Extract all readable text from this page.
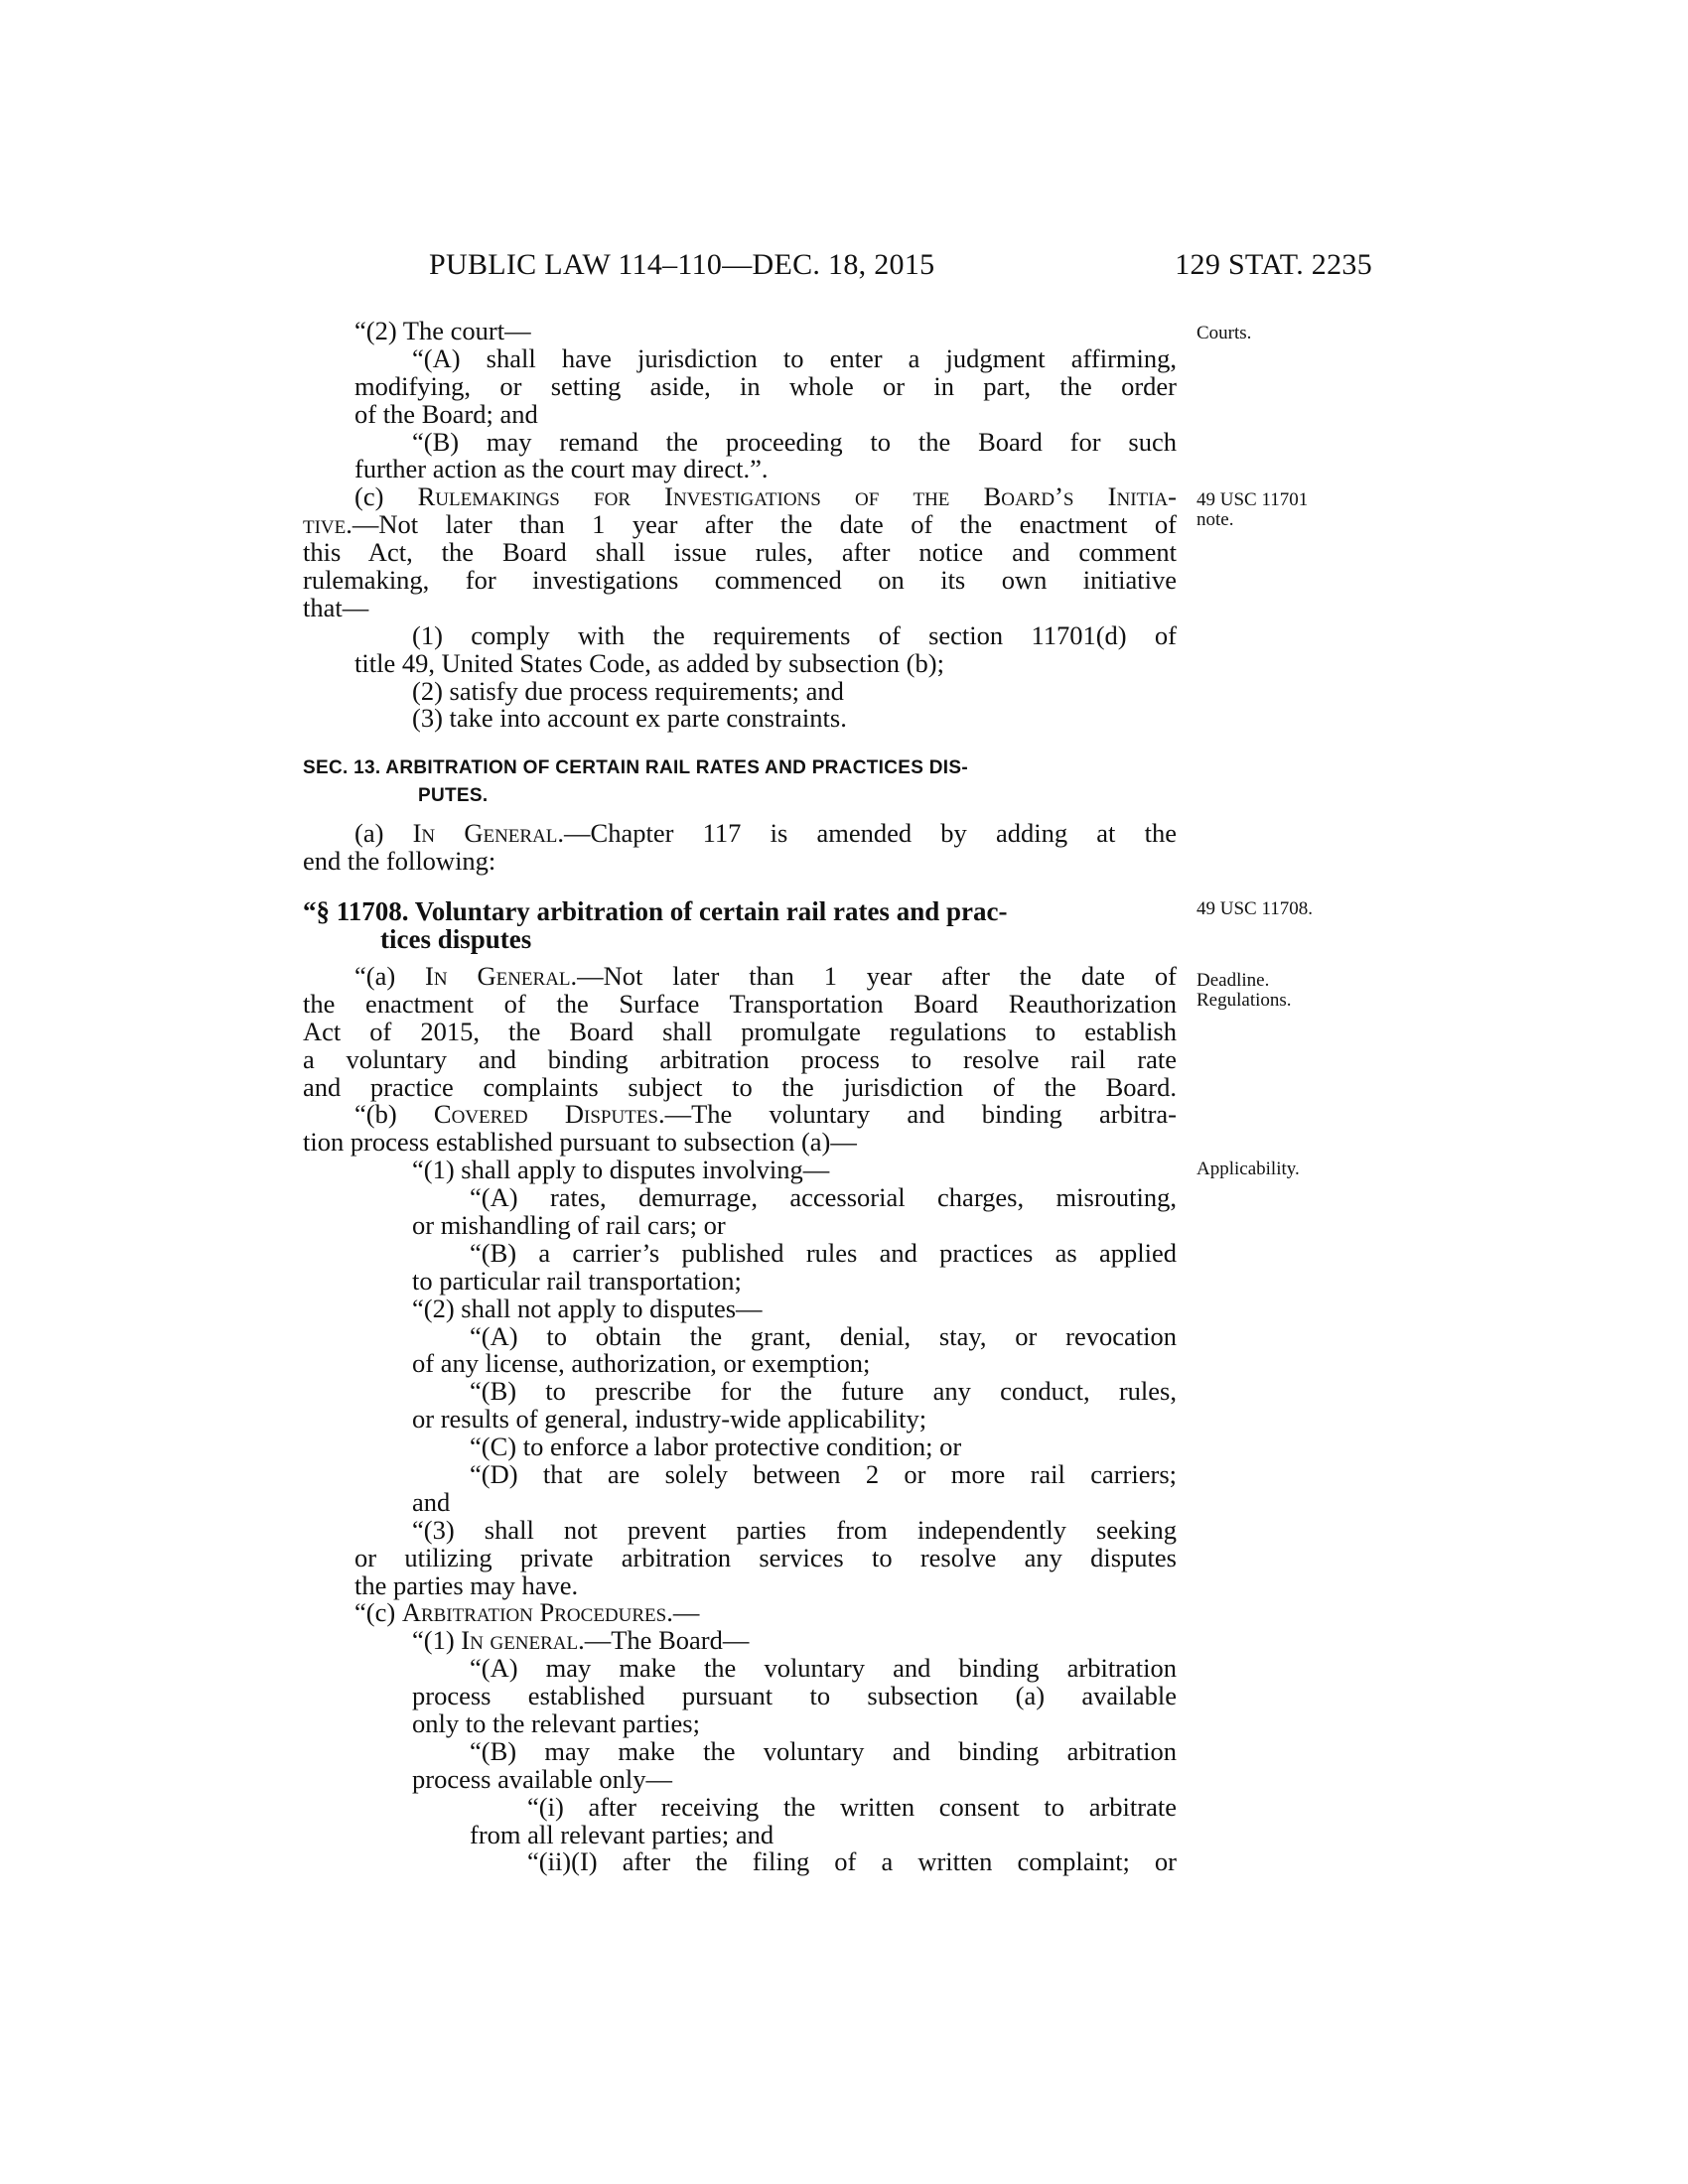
PUBLIC LAW 114–110—DEC. 18, 2015	129 STAT. 2235
“(2) The court—
“(A) shall have jurisdiction to enter a judgment affirming,
modifying, or setting aside, in whole or in part, the order
of the Board; and
“(B) may remand the proceeding to the Board for such
further action as the court may direct.”.
(c) Rulemakings for Investigations of the Board’s Initia-
tive.—Not later than 1 year after the date of the enactment of
this Act, the Board shall issue rules, after notice and comment
rulemaking, for investigations commenced on its own initiative
that—
(1) comply with the requirements of section 11701(d) of
title 49, United States Code, as added by subsection (b);
(2) satisfy due process requirements; and
(3) take into account ex parte constraints.
SEC. 13. ARBITRATION OF CERTAIN RAIL RATES AND PRACTICES DIS-
PUTES.
(a) In General.—Chapter 117 is amended by adding at the
end the following:
“§ 11708. Voluntary arbitration of certain rail rates and prac-
tices disputes
“(a) In General.—Not later than 1 year after the date of
the enactment of the Surface Transportation Board Reauthorization
Act of 2015, the Board shall promulgate regulations to establish
a voluntary and binding arbitration process to resolve rail rate
and practice complaints subject to the jurisdiction of the Board.
“(b) Covered Disputes.—The voluntary and binding arbitra-
tion process established pursuant to subsection (a)—
“(1) shall apply to disputes involving—
“(A) rates, demurrage, accessorial charges, misrouting,
or mishandling of rail cars; or
“(B) a carrier’s published rules and practices as applied
to particular rail transportation;
“(2) shall not apply to disputes—
“(A) to obtain the grant, denial, stay, or revocation
of any license, authorization, or exemption;
“(B) to prescribe for the future any conduct, rules,
or results of general, industry-wide applicability;
“(C) to enforce a labor protective condition; or
“(D) that are solely between 2 or more rail carriers;
and
“(3) shall not prevent parties from independently seeking
or utilizing private arbitration services to resolve any disputes
the parties may have.
“(c) Arbitration Procedures.—
“(1) In general.—The Board—
“(A) may make the voluntary and binding arbitration
process established pursuant to subsection (a) available
only to the relevant parties;
“(B) may make the voluntary and binding arbitration
process available only—
“(i) after receiving the written consent to arbitrate
from all relevant parties; and
“(ii)(I) after the filing of a written complaint; or
Courts.
49 USC 11701
note.
49 USC 11708.
Deadline.
Regulations.
Applicability.
